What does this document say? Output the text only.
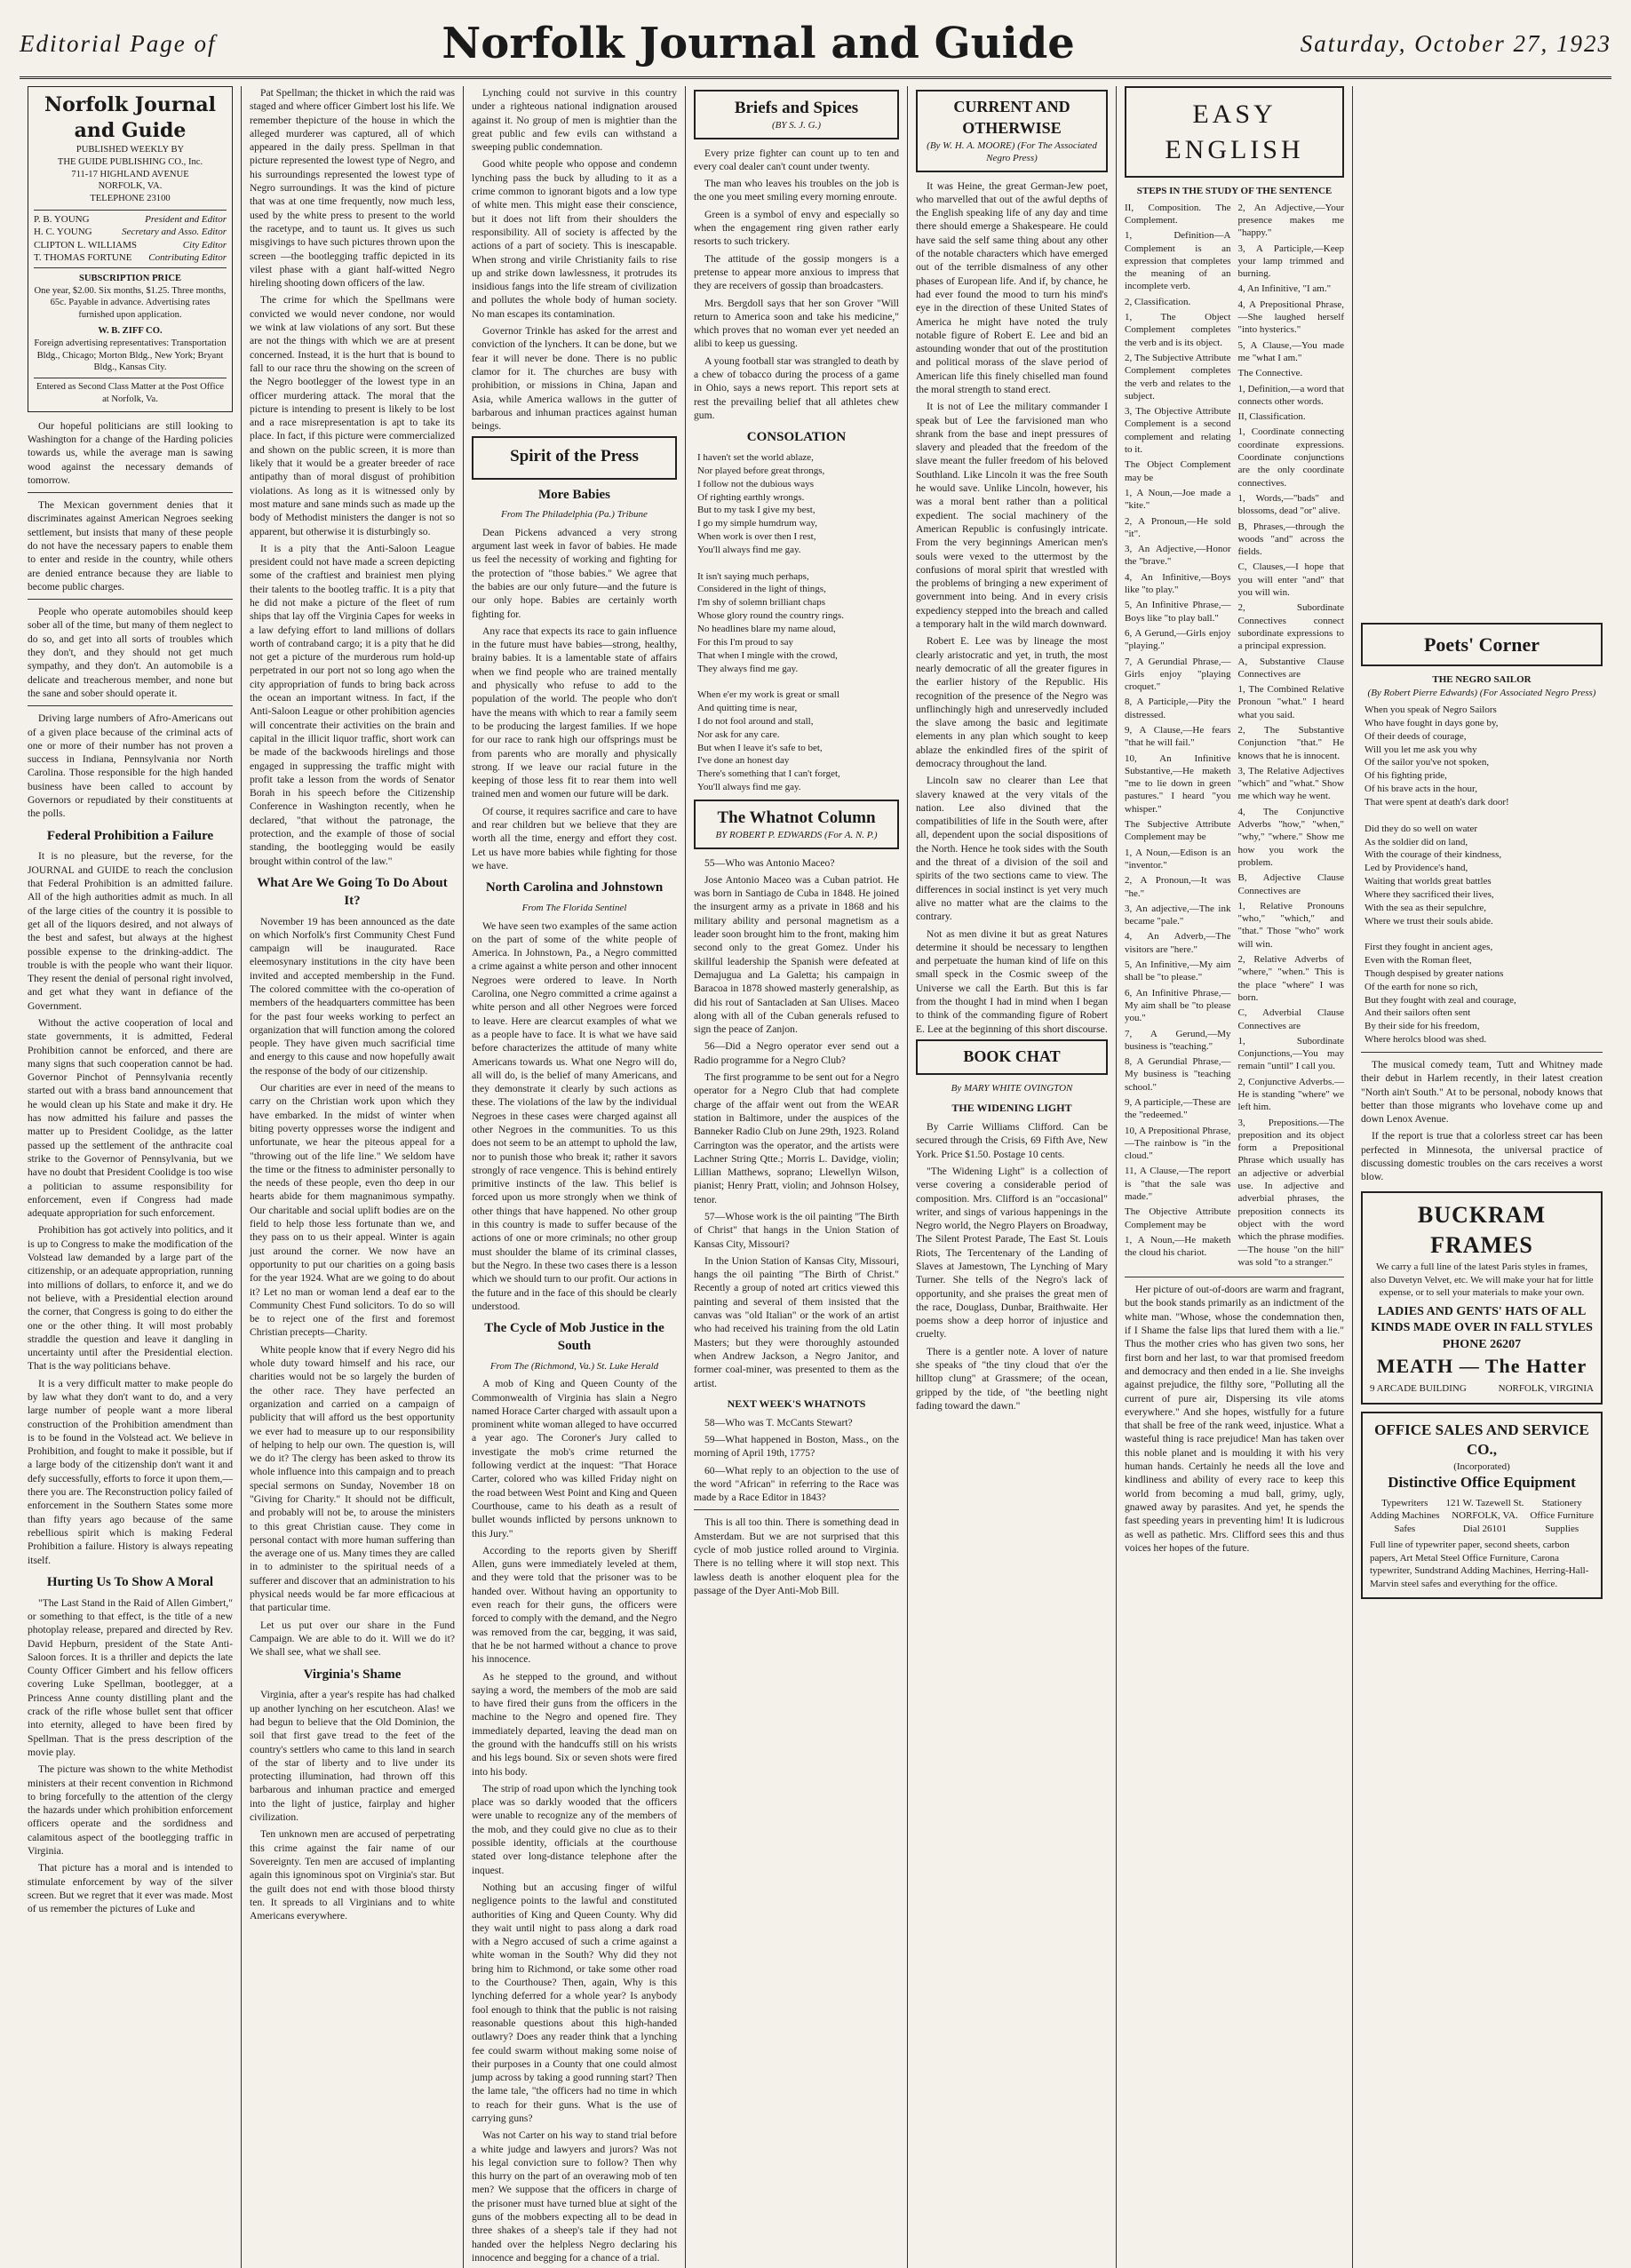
Editorial Page of	Norfolk Journal and Guide	Saturday, October 27, 1923
Norfolk Journal and Guide
PUBLISHED WEEKLY BY
THE GUIDE PUBLISHING CO., Inc.
711-17 HIGHLAND AVENUE
NORFOLK, VA.
TELEPHONE 23100
P. B. YOUNG	President and Editor
H. C. YOUNG	Secretary and Asso. Editor
CLIPTON L. WILLIAMS	City Editor
T. THOMAS FORTUNE Contributing Editor
SUBSCRIPTION PRICE
One year, $2.00. Six months, $1.25. Three months, 65c. Payable in advance. Advertising rates furnished upon application.
W. B. ZIFF CO.
Foreign advertising representatives: Transportation Bldg., Chicago; Morton Bldg., New York; Bryant Bldg., Kansas City.
Entered as Second Class Matter at the Post Office at Norfolk, Va.

Our hopeful politicians are still looking to Washington for a change of the Harding policies towards us, while the average man is sawing wood against the necessary demands of tomorrow.

The Mexican government denies that it discriminates against American Negroes seeking settlement, but insists that many of these people do not have the necessary papers to enable them to enter and reside in the country, while others are denied entrance because they are liable to become public charges.

People who operate automobiles should keep sober all of the time, but many of them neglect to do so, and get into all sorts of troubles which they don't, and they should not get much sympathy, and they don't. An automobile is a delicate and treacherous member, and none but the sane and sober should operate it.

Driving large numbers of Afro-Americans out of a given place because of the criminal acts of one or more of their number has not proven a success in Indiana, Pennsylvania nor North Carolina. Those responsible for the high handed business have been called to account by Governors or repudiated by their constituents at the polls.

Federal Prohibition a Failure

It is no pleasure, but the reverse, for the JOURNAL and GUIDE to reach the conclusion that Federal Prohibition is an admitted failure. All of the high authorities admit as much. In all of the large cities of the country it is possible to get all of the liquors desired, and not always of the best and safest, but always at the highest possible expense to the drinking-addict. The trouble is with the people who want their liquor. They resent the denial of personal right involved, and get what they want in defiance of the Government.

Without the active cooperation of local and state governments, it is admitted, Federal Prohibition cannot be enforced, and there are many signs that such cooperation cannot be had. Governor Pinchot of Pennsylvania recently started out with a brass band announcement that he would clean up his State and make it dry. He has now admitted his failure and passes the matter up to President Coolidge, as the latter passed up the settlement of the anthracite coal strike to the Governor of Pennsylvania, but we have no doubt that President Coolidge is too wise a politician to assume responsibility for enforcement, even if Congress had made adequate appropriation for such enforcement.

Prohibition has got actively into politics, and it is up to Congress to make the modification of the Volstead law demanded by a large part of the citizenship, or an adequate appropriation, running into millions of dollars, to enforce it, and we do not believe, with a Presidential election around the corner, that Congress is going to do either the one or the other thing. It will most probably straddle the question and leave it dangling in uncertainty until after the Presidential election. That is the way politicians behave.

It is a very difficult matter to make people do by law what they don't want to do, and a very large number of people want a more liberal construction of the Prohibition amendment than is to be found in the Volstead act. We believe in Prohibition, and fought to make it possible, but if a large body of the citizenship don't want it and defy successfully, efforts to force it upon them,—there you are. The Reconstruction policy failed of enforcement in the Southern States some more than fifty years ago because of the same rebellious spirit which is making Federal Prohibition a failure. History is always repeating itself.

Hurting Us To Show A Moral

"The Last Stand in the Raid of Allen Gimbert," or something to that effect, is the title of a new photoplay release, prepared and directed by Rev. David Hepburn, president of the State Anti-Saloon forces. It is a thriller and depicts the late County Officer Gimbert and his fellow officers covering Luke Spellman, bootlegger, at a Princess Anne county distilling plant and the crack of the rifle whose bullet sent that officer into eternity, alleged to have been fired by Spellman. That is the press description of the movie play.

The picture was shown to the white Methodist ministers at their recent convention in Richmond to bring forcefully to the attention of the clergy the hazards under which prohibition enforcement officers operate and the sordidness and calamitous aspect of the bootlegging traffic in Virginia.

That picture has a moral and is intended to stimulate enforcement by way of the silver screen. But we regret that it ever was made. Most of us remember the pictures of Luke and

Pat Spellman; the thicket in which the raid was staged and where officer Gimbert lost his life. We remember thepicture of the house in which the alleged murderer was captured, all of which appeared in the daily press. Spellman in that picture represented the lowest type of Negro, and his surroundings represented the lowest type of Negro surroundings. It was the kind of picture that was at one time frequently, now much less, used by the white press to present to the world the racetype, and to taunt us. It gives us such misgivings to have such pictures thrown upon the screen —the bootlegging traffic depicted in its vilest phase with a giant half-witted Negro hireling shooting down officers of the law.

The crime for which the Spellmans were convicted we would never condone, nor would we wink at law violations of any sort. But these are not the things with which we are at present concerned. Instead, it is the hurt that is bound to fall to our race thru the showing on the screen of the Negro bootlegger of the lowest type in an officer murdering attack. The moral that the picture is intending to present is likely to be lost and a race misrepresentation is apt to take its place. In fact, if this picture were commercialized and shown on the public screen, it is more than likely that it would be a greater breeder of race antipathy than of moral disgust of prohibition violations. As long as it is witnessed only by most mature and sane minds such as made up the body of Methodist ministers the danger is not so apparent, but otherwise it is disturbingly so.

It is a pity that the Anti-Saloon League president could not have made a screen depicting some of the craftiest and brainiest men plying their talents to the bootleg traffic. It is a pity that he did not make a picture of the fleet of rum ships that lay off the Virginia Capes for weeks in a law defying effort to land millions of dollars worth of contraband cargo; it is a pity that he did not get a picture of the murderous rum hold-up perpetrated in our port not so long ago when the city appropriation of funds to bring back across the ocean an important witness. In fact, if the Anti-Saloon League or other prohibition agencies will concentrate their activities on the brain and capital in the illicit liquor traffic, short work can be made of the backwoods hirelings and those engaged in suppressing the traffic might with profit take a lesson from the words of Senator Borah in his speech before the Citizenship Conference in Washington recently, when he declared, "that without the patronage, the protection, and the example of those of social standing, the bootlegging would be easily brought within control of the law."

What Are We Going To Do About It?

November 19 has been announced as the date on which Norfolk's first Community Chest Fund campaign will be inaugurated. Race eleemosynary institutions in the city have been invited and accepted membership in the Fund. The colored committee with the co-operation of members of the headquarters committee has been for the past four weeks working to perfect an organization that will function among the colored people. They have given much sacrificial time and energy to this cause and now hopefully await the response of the body of our citizenship.

Our charities are ever in need of the means to carry on the Christian work upon which they have embarked. In the midst of winter when biting poverty oppresses worse the indigent and unfortunate, we hear the piteous appeal for a "throwing out of the life line." We seldom have the time or the fitness to administer personally to the needs of these people, even tho deep in our hearts abide for them magnanimous sympathy. Our charitable and social uplift bodies are on the field to help those less fortunate than we, and they pass on to us their appeal. Winter is again just around the corner. We now have an opportunity to put our charities on a going basis for the year 1924. What are we going to do about it? Let no man or woman lend a deaf ear to the Community Chest Fund solicitors. To do so will be to reject one of the first and foremost Christian precepts—Charity.

White people know that if every Negro did his whole duty toward himself and his race, our charities would not be so largely the burden of the other race. They have perfected an organization and carried on a campaign of publicity that will afford us the best opportunity we ever had to measure up to our responsibility of helping to help our own. The question is, will we do it? The clergy has been asked to throw its whole influence into this campaign and to preach special sermons on Sunday, November 18 on "Giving for Charity." It should not be difficult, and probably will not be, to arouse the ministers to this great Christian cause. They come in personal contact with more human suffering than the average one of us. Many times they are called in to administer to the spiritual needs of a sufferer and discover that an administration to his physical needs would be far more efficacious at that particular time.

Let us put over our share in the Fund Campaign. We are able to do it. Will we do it? We shall see, what we shall see.

Virginia's Shame

Virginia, after a year's respite has had chalked up another lynching on her escutcheon. Alas! we had begun to believe that the Old Dominion, the soil that first gave tread to the feet of the country's settlers who came to this land in search of the star of liberty and to live under its protecting illumination, had thrown off this barbarous and inhuman practice and emerged into the light of justice, fairplay and higher civilization.

Ten unknown men are accused of perpetrating this crime against the fair name of our Sovereignty. Ten men are accused of implanting again this ignominous spot on Virginia's star. But the guilt does not end with those blood thirsty ten. It spreads to all Virginians and to white Americans everywhere.

Lynching could not survive in this country under a righteous national indignation aroused against it. No group of men is mightier than the great public and few evils can withstand a sweeping public condemnation.

Good white people who oppose and condemn lynching pass the buck by alluding to it as a crime common to ignorant bigots and a low type of white men. This might ease their conscience, but it does not lift from their shoulders the responsibility. All of society is affected by the actions of a part of society. This is inescapable. When strong and virile Christianity fails to rise up and strike down lawlessness, it protrudes its insidious fangs into the life stream of civilization and pollutes the whole body of human society. No man escapes its contamination.

Governor Trinkle has asked for the arrest and conviction of the lynchers. It can be done, but we fear it will never be done. There is no public clamor for it. The churches are busy with prohibition, or missions in China, Japan and Asia, while America wallows in the gutter of barbarous and inhuman practices against human beings.

Spirit of the Press
More Babies
From The Philadelphia (Pa.) Tribune

Dean Pickens advanced a very strong argument last week in favor of babies. He made us feel the necessity of working and fighting for the protection of "those babies." We agree that the babies are our only future—and the future is our only hope. Babies are certainly worth fighting for.

Any race that expects its race to gain influence in the future must have babies—strong, healthy, brainy babies. It is a lamentable state of affairs when we find people who are trained mentally and physically who refuse to add to the population of the world. The people who don't have the means with which to rear a family seem to be producing the largest families. If we hope for our race to rank high our offsprings must be from parents who are morally and physically strong. If we leave our racial future in the keeping of those less fit to rear them into well trained men and women our future will be dark.

Of course, it requires sacrifice and care to have and rear children but we believe that they are worth all the time, energy and effort they cost. Let us have more babies while fighting for those we have.

North Carolina and Johnstown
From The Florida Sentinel

We have seen two examples of the same action on the part of some of the white people of America. In Johnstown, Pa., a Negro committed a crime against a white person and other innocent Negroes were ordered to leave. In North Carolina, one Negro committed a crime against a white person and all other Negroes were forced to leave. Here are clearcut examples of what we as a people have to face. It is what we have said before characterizes the attitude of many white Americans towards us. What one Negro will do, all will do, is the belief of many Americans, and they demonstrate it clearly by such actions as these. The violations of the law by the individual Negroes in these cases were charged against all other Negroes in the communities. To us this does not seem to be an attempt to uphold the law, nor to punish those who break it; rather it savors strongly of race vengence. This is behind entirely primitive instincts of the law. This belief is forced upon us more strongly when we think of other things that have happened. No other group in this country is made to suffer because of the actions of one or more criminals; no other group must shoulder the blame of its criminal classes, but the Negro. In these two cases there is a lesson which we should turn to our profit. Our actions in the future and in the face of this should be clearly understood.

The Cycle of Mob Justice in the South
From The (Richmond, Va.) St. Luke Herald

A mob of King and Queen County of the Commonwealth of Virginia has slain a Negro named Horace Carter charged with assault upon a prominent white woman alleged to have occurred a year ago. The Coroner's Jury called to investigate the mob's crime returned the following verdict at the inquest: "That Horace Carter, colored who was killed Friday night on the road between West Point and King and Queen Courthouse, came to his death as a result of bullet wounds inflicted by persons unknown to this Jury."

According to the reports given by Sheriff Allen, guns were immediately leveled at them, and they were told that the prisoner was to be handed over. Without having an opportunity to even reach for their guns, the officers were forced to comply with the demand, and the Negro was removed from the car, begging, it was said, that he be not harmed without a chance to prove his innocence.

As he stepped to the ground, and without saying a word, the members of the mob are said to have fired their guns from the officers in the machine to the Negro and opened fire. They immediately departed, leaving the dead man on the ground with the handcuffs still on his wrists and his legs bound. Six or seven shots were fired into his body.

The strip of road upon which the lynching took place was so darkly wooded that the officers were unable to recognize any of the members of the mob, and they could give no clue as to their possible identity, officials at the courthouse stated over long-distance telephone after the inquest.

Nothing but an accusing finger of wilful negligence points to the lawful and constituted authorities of King and Queen County. Why did they wait until night to pass along a dark road with a Negro accused of such a crime against a white woman in the South? Why did they not bring him to Richmond, or take some other road to the Courthouse? Then, again, Why is this lynching deferred for a whole year? Is anybody fool enough to think that the public is not raising reasonable questions about this high-handed outlawry? Does any reader think that a lynching fee could swarm without making some noise of their purposes in a County that one could almost jump across by taking a good running start? Then the lame tale, "the officers had no time in which to reach for their guns. What is the use of carrying guns?

Was not Carter on his way to stand trial before a white judge and lawyers and jurors? Was not his legal conviction sure to follow? Then why this hurry on the part of an overawing mob of ten men? We suppose that the officers in charge of the prisoner must have turned blue at sight of the guns of the mobbers expecting all to be dead in three shakes of a sheep's tale if they had not handed over the helpless Negro declaring his innocence and begging for a chance of a trial.

Briefs and Spices
(BY S. J. G.)

Every prize fighter can count up to ten and every coal dealer can't count under twenty.

The man who leaves his troubles on the job is the one you meet smiling every morning enroute.

Green is a symbol of envy and especially so when the engagement ring given rather early resorts to such trickery.

The attitude of the gossip mongers is a pretense to appear more anxious to impress that they are receivers of gossip than broadcasters.

Mrs. Bergdoll says that her son Grover "Will return to America soon and take his medicine," which proves that no woman ever yet needed an alibi to keep us guessing.

A young football star was strangled to death by a chew of tobacco during the process of a game in Ohio, says a news report. This report sets at rest the prevailing belief that all athletes chew gum.

CONSOLATION
I haven't set the world ablaze,
Nor played before great throngs,
I follow not the dubious ways
Of righting earthly wrongs.
But to my task I give my best,
I go my simple humdrum way,
When work is over then I rest,
You'll always find me gay.

It isn't saying much perhaps,
Considered in the light of things,
I'm shy of solemn brilliant chaps
Whose glory round the country rings.
No headlines blare my name aloud,
For this I'm proud to say
That when I mingle with the crowd,
They always find me gay.

When e'er my work is great or small
And quitting time is near,
I do not fool around and stall,
Nor ask for any care.
But when I leave it's safe to bet,
I've done an honest day
There's something that I can't forget,
You'll always find me gay.
The Whatnot Column
BY ROBERT P. EDWARDS (For A. N. P.)

55—Who was Antonio Maceo?

Jose Antonio Maceo was a Cuban patriot. He was born in Santiago de Cuba in 1848. He joined the insurgent army as a private in 1868 and his military ability and personal magnetism as a leader soon brought him to the front, making him second only to the great Gomez. Under his skillful leadership the Spanish were defeated at Demajugua and La Galetta; his campaign in Baracoa in 1878 showed masterly generalship, as did his rout of Santacladen at San Ulises. Maceo along with all of the Cuban generals refused to sign the peace of Zanjon.

56—Did a Negro operator ever send out a Radio programme for a Negro Club?

The first programme to be sent out for a Negro operator for a Negro Club that had complete charge of the affair went out from the WEAR station in Baltimore, under the auspices of the Banneker Radio Club on June 29th, 1923. Roland Carrington was the operator, and the artists were Lachner String Qtte.; Morris L. Davidge, violin; Lillian Matthews, soprano; Llewellyn Wilson, pianist; Henry Pratt, violin; and Johnson Holsey, tenor.

57—Whose work is the oil painting "The Birth of Christ" that hangs in the Union Station of Kansas City, Missouri?

In the Union Station of Kansas City, Missouri, hangs the oil painting "The Birth of Christ." Recently a group of noted art critics viewed this painting and several of them insisted that the canvas was "old Italian" or the work of an artist who had received his training from the old Latin Masters; but they were thoroughly astounded when Andrew Jackson, a Negro Janitor, and former coal-miner, was presented to them as the artist.

NEXT WEEK'S WHATNOTS

58—Who was T. McCants Stewart?

59—What happened in Boston, Mass., on the morning of April 19th, 1775?

60—What reply to an objection to the use of the word "African" in referring to the Race was made by a Race Editor in 1843?

This is all too thin. There is something dead in Amsterdam. But we are not surprised that this cycle of mob justice rolled around to Virginia. There is no telling where it will stop next. This lawless death is another eloquent plea for the passage of the Dyer Anti-Mob Bill.

CURRENT AND OTHERWISE
(By W. H. A. MOORE) (For The Associated Negro Press)

It was Heine, the great German-Jew poet, who marvelled that out of the awful depths of the English speaking life of any day and time there should emerge a Shakespeare. He could have said the self same thing about any other of the notable characters which have emerged out of the terrible dismalness of any other phases of European life. And if, by chance, he had ever found the mood to turn his mind's eye in the direction of these United States of America he might have noted the truly notable figure of Robert E. Lee and bid an astounding wonder that out of the prostitution and political morass of the slave period of American life this finely chiselled man found the moral strength to stand erect.

It is not of Lee the military commander I speak but of Lee the farvisioned man who shrank from the base and inept pressures of slavery and pleaded that the freedom of the slave meant the fuller freedom of his beloved Southland. Like Lincoln it was the free South he would save. Unlike Lincoln, however, his was a moral bent rather than a political expedient. The social machinery of the American Republic is confusingly intricate. From the very beginnings American men's souls were vexed to the uttermost by the confusions of moral spirit that wrestled with the problems of bringing a new experiment of government into being. And in every crisis expediency stepped into the breach and called a temporary halt in the wild march downward.

Robert E. Lee was by lineage the most clearly aristocratic and yet, in truth, the most nearly democratic of all the greater figures in the earlier history of the Republic. His recognition of the presence of the Negro was unflinchingly high and unreservedly included the slave among the basic and legitimate elements in any plan which sought to keep ablaze the enkindled fires of the spirit of democracy throughout the land.

Lincoln saw no clearer than Lee that slavery knawed at the very vitals of the nation. Lee also divined that the compatibilities of life in the South were, after all, dependent upon the social dispositions of the North. Hence he took sides with the South and the threat of a division of the soil and spirits of the two sections came to view. The differences in social instinct is yet very much alive no matter what are the claims to the contrary.

Not as men divine it but as great Natures determine it should be necessary to lengthen and perpetuate the human kind of life on this small speck in the Cosmic sweep of the Universe we call the Earth. But this is far from the thought I had in mind when I began to think of the commanding figure of Robert E. Lee at the beginning of this short discourse.

BOOK CHAT
By MARY WHITE OVINGTON
THE WIDENING LIGHT

By Carrie Williams Clifford. Can be secured through the Crisis, 69 Fifth Ave, New York. Price $1.50. Postage 10 cents.

"The Widening Light" is a collection of verse covering a considerable period of composition. Mrs. Clifford is an "occasional" writer, and sings of various happenings in the Negro world, the Negro Players on Broadway, The Silent Protest Parade, The East St. Louis Riots, The Tercentenary of the Landing of Slaves at Jamestown, The Lynching of Mary Turner. She tells of the Negro's lack of opportunity, and she praises the great men of the race, Douglass, Dunbar, Braithwaite. Her poems show a deep horror of injustice and cruelty.

There is a gentler note. A lover of nature she speaks of "the tiny cloud that o'er the hilltop clung" at Grassmere; of the ocean, gripped by the tide, of "the beetling night fading toward the dawn."

EASY ENGLISH
STEPS IN THE STUDY OF THE SENTENCE

II, Composition. The Complement.

1, Definition—A Complement is an expression that completes the meaning of an incomplete verb.

2, Classification.

1, The Object Complement completes the verb and is its object.

2, The Subjective Attribute Complement completes the verb and relates to the subject.

3, The Objective Attribute Complement is a second complement and relating to it.

The Object Complement may be

1, A Noun,—Joe made a "kite."

2, A Pronoun,—He sold "it".

3, An Adjective,—Honor the "brave."

4, An Infinitive,—Boys like "to play."

5, An Infinitive Phrase,—Boys like "to play ball."

6, A Gerund,—Girls enjoy "playing."

7, A Gerundial Phrase,—Girls enjoy "playing croquet."

8, A Participle,—Pity the distressed.

9, A Clause,—He fears "that he will fail."

10, An Infinitive Substantive,—He maketh "me to lie down in green pastures." I heard "you whisper."

The Subjective Attribute Complement may be

1, A Noun,—Edison is an "inventor."

2, A Pronoun,—It was "he."

3, An adjective,—The ink became "pale."

4, An Adverb,—The visitors are "here."

5, An Infinitive,—My aim shall be "to please."

6, An Infinitive Phrase,—My aim shall be "to please you."

7, A Gerund,—My business is "teaching."

8, A Gerundial Phrase,—My business is "teaching school."

9, A participle,—These are the "redeemed."

10, A Prepositional Phrase,—The rainbow is "in the cloud."

11, A Clause,—The report is "that the sale was made."

The Objective Attribute Complement may be

1, A Noun,—He maketh the cloud his chariot.

2, An Adjective,—Your presence makes me "happy."

3, A Participle,—Keep your lamp trimmed and burning.

4, An Infinitive, "I am."

4, A Prepositional Phrase,—She laughed herself "into hysterics."

5, A Clause,—You made me "what I am."

The Connective.

1, Definition,—a word that connects other words.

II, Classification.

1, Coordinate connecting coordinate expressions. Coordinate conjunctions are the only coordinate connectives.

1, Words,—"bads" and blossoms, dead "or" alive.

B, Phrases,—through the woods "and" across the fields.

C, Clauses,—I hope that you will enter "and" that you will win.

2, Subordinate Connectives connect subordinate expressions to a principal expression.

A, Substantive Clause Connectives are

1, The Combined Relative Pronoun "what." I heard what you said.

2, The Substantive Conjunction "that." He knows that he is innocent.

3, The Relative Adjectives "which" and "what." Show me which way he went.

4, The Conjunctive Adverbs "how," "when," "why," "where." Show me how you work the problem.

B, Adjective Clause Connectives are

1, Relative Pronouns "who," "which," and "that." Those "who" work will win.

2, Relative Adverbs of "where," "when." This is the place "where" I was born.

C, Adverbial Clause Connectives are

1, Subordinate Conjunctions,—You may remain "until" I call you.

2, Conjunctive Adverbs.—He is standing "where" we left him.

3, Prepositions.—The preposition and its object form a Prepositional Phrase which usually has an adjective or adverbial use. In adjective and adverbial phrases, the preposition connects its object with the word which the phrase modifies.—The house "on the hill" was sold "to a stranger."

Her picture of out-of-doors are warm and fragrant, but the book stands primarily as an indictment of the white man. "Whose, whose the condemnation then, if I Shame the false lips that lured them with a lie." Thus the mother cries who has given two sons, her first born and her last, to war that promised freedom and democracy and then ended in a lie. She inveighs against prejudice, the filthy sore, "Polluting all the current of pure air, Dispersing its vile atoms everywhere." And she hopes, wistfully for a future that shall be free of the rank weed, injustice. What a wasteful thing is race prejudice! Man has taken over this noble planet and is moulding it with his very human hands. Certainly he needs all the love and kindliness and ability of every race to keep this world from becoming a mud ball, grimy, ugly, gnawed away by parasites. And yet, he spends the fast speeding years in preventing him! It is ludicrous as well as pathetic. Mrs. Clifford sees this and thus voices her hopes of the future.

Poets' Corner
THE NEGRO SAILOR
(By Robert Pierre Edwards) (For Associated Negro Press)
When you speak of Negro Sailors
Who have fought in days gone by,
Of their deeds of courage,
Will you let me ask you why
Of the sailor you've not spoken,
Of his fighting pride,
Of his brave acts in the hour,
That were spent at death's dark door!

Did they do so well on water
As the soldier did on land,
With the courage of their kindness,
Led by Providence's hand,
Waiting that worlds great battles
Where they sacrificed their lives,
With the sea as their sepulchre,
Where we trust their souls abide.

First they fought in ancient ages,
Even with the Roman fleet,
Though despised by greater nations
Of the earth for none so rich,
But they fought with zeal and courage,
And their sailors often sent
By their side for his freedom,
Where herolcs blood was shed.

The musical comedy team, Tutt and Whitney made their debut in Harlem recently, in their latest creation "North ain't South." At to be personal, nobody knows that better than those migrants who lovehave come up and down Lenox Avenue.

If the report is true that a colorless street car has been perfected in Minnesota, the universal practice of discussing domestic troubles on the cars receives a worst blow.

BUCKRAM FRAMES
We carry a full line of the latest Paris styles in frames, also Duvetyn Velvet, etc. We will make your hat for little expense, or to sell your materials to make your own.
LADIES AND GENTS' HATS OF ALL KINDS MADE OVER IN FALL STYLES
PHONE 26207
MEATH — The Hatter
9 ARCADE BUILDING	NORFOLK, VIRGINIA
OFFICE SALES AND SERVICE CO.,
(Incorporated)
Distinctive Office Equipment
Typewriters
Adding Machines
Safes
121 W. Tazewell St.
NORFOLK, VA.
Dial 26101
Stationery
Office Furniture
Supplies
Full line of typewriter paper, second sheets, carbon papers, Art Metal Steel Office Furniture, Carona typewriter, Sundstrand Adding Machines, Herring-Hall-Marvin steel safes and everything for the office.
